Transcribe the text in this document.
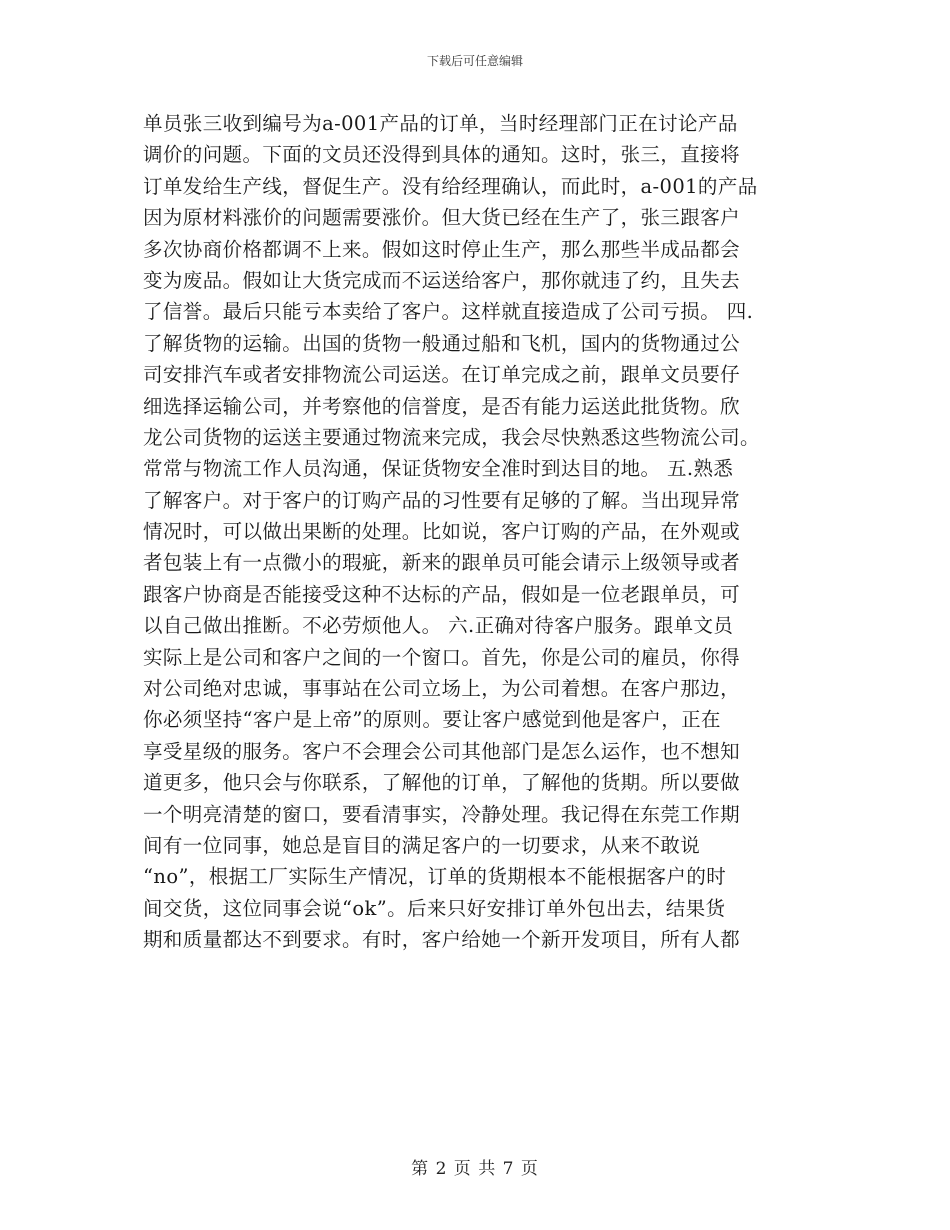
下载后可任意编辑
单员张三收到编号为a-001产品的订单，当时经理部门正在讨论产品
调价的问题。下面的文员还没得到具体的通知。这时，张三，直接将
订单发给生产线，督促生产。没有给经理确认，而此时，a-001的产品
因为原材料涨价的问题需要涨价。但大货已经在生产了，张三跟客户
多次协商价格都调不上来。假如这时停止生产，那么那些半成品都会
变为废品。假如让大货完成而不运送给客户，那你就违了约，且失去
了信誉。最后只能亏本卖给了客户。这样就直接造成了公司亏损。 四.
了解货物的运输。出国的货物一般通过船和飞机，国内的货物通过公
司安排汽车或者安排物流公司运送。在订单完成之前，跟单文员要仔
细选择运输公司，并考察他的信誉度，是否有能力运送此批货物。欣
龙公司货物的运送主要通过物流来完成，我会尽快熟悉这些物流公司。
常常与物流工作人员沟通，保证货物安全准时到达目的地。 五.熟悉
了解客户。对于客户的订购产品的习性要有足够的了解。当出现异常
情况时，可以做出果断的处理。比如说，客户订购的产品，在外观或
者包装上有一点微小的瑕疵，新来的跟单员可能会请示上级领导或者
跟客户协商是否能接受这种不达标的产品，假如是一位老跟单员，可
以自己做出推断。不必劳烦他人。 六.正确对待客户服务。跟单文员
实际上是公司和客户之间的一个窗口。首先，你是公司的雇员，你得
对公司绝对忠诚，事事站在公司立场上，为公司着想。在客户那边，
你必须坚持“客户是上帝”的原则。要让客户感觉到他是客户，正在
享受星级的服务。客户不会理会公司其他部门是怎么运作，也不想知
道更多，他只会与你联系，了解他的订单，了解他的货期。所以要做
一个明亮清楚的窗口，要看清事实，冷静处理。我记得在东莞工作期
间有一位同事，她总是盲目的满足客户的一切要求，从来不敢说
“no”，根据工厂实际生产情况，订单的货期根本不能根据客户的时
间交货，这位同事会说“ok”。后来只好安排订单外包出去，结果货
期和质量都达不到要求。有时，客户给她一个新开发项目，所有人都
第 2 页 共 7 页
